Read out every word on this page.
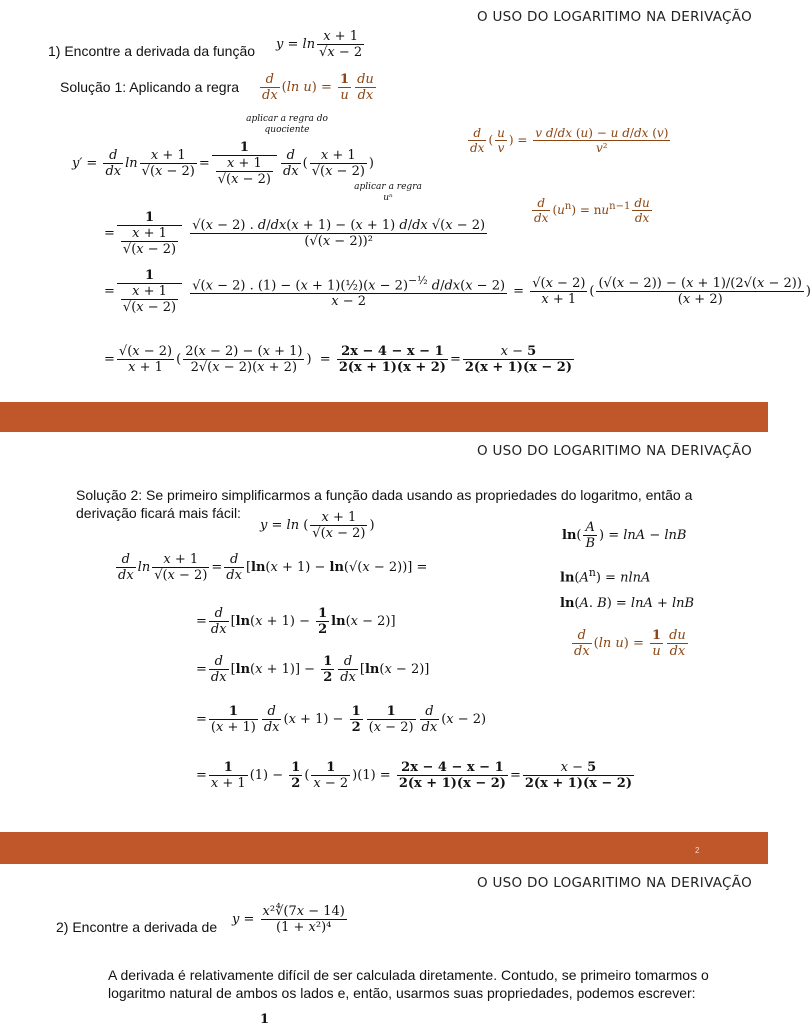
O USO DO LOGARITIMO NA DERIVAÇÃO
1) Encontre a derivada da função $y = \ln \frac{x + 1}{√x - 2}$
Solução 1: Aplicando a regra $\frac{d}{dx} (\ln$ $u) = \frac{1}{u} \frac{du}{dx}$
aplicar a regra do quociente
$y' = \frac{d}{dx}$ $\ln \frac{x + 1}{√(x - 2)} = \frac{1}{\frac{x + 1}{√(x - 2)}} \frac{d}{dx}$ ( $\frac{x + 1}{√(x - 2)}$ )
$\frac{d}{dx}$ ( $\frac{u}{v}$ ) = $\frac{\text{v d/dx (u) − u d/dx (v)}}{\text{v²}}$
aplicar a regra uⁿ	$\frac{d}{dx} (u^n) = nu^{n-1} \frac{du}{dx}$
= $\frac{1}{\frac{x + 1}{√(x - 2)}}$
$\frac{√(x - 2) . d/dx(x + 1) - (x + 1) d/dx √(x - 2)}{\text{(√(x − 2))²}}$
= $\frac{1}{\frac{x + 1}{√(x - 2)}}$
$\frac{√(x - 2) . (1) - (x + 1)(\frac{1}{2})(x - 2)^{-\frac{1}{2}} d/dx(x - 2)}{x - 2} = \frac{√(x - 2)}{x + 1}$ ( $\frac{(√(x - 2)) - (x + 1)/(2√(x - 2))}{(x + 2)}$ )
= $\frac{√(x - 2)}{x + 1}$ ( $\frac{2(x - 2) - (x + 1)}{2√(x - 2)(x + 2)}$ )  = $\frac{2x - 4 - x - 1}{2(x + 1)(x + 2)} = \frac{x - 5}{2(x + 1)(x - 2)}$
O USO DO LOGARITIMO NA DERIVAÇÃO
Solução 2: Se primeiro simplificarmos a função dada usando as propriedades do logaritmo, então a derivação ficará mais fácil:
y = ln ( $\frac{x + 1}{√(x - 2)}$ )
$\ln( \frac{A}{B}$ ) = lnA − lnB
$\ln(A^n) = nlnA$
ln(A. B) = lnA + lnB
$\frac{d}{dx} (\ln$ $u) = \frac{1}{u} \frac{du}{dx}$
$\frac{d}{dx}$ $\ln \frac{x + 1}{√(x - 2)} = \frac{d}{dx} [\ln(x + 1) - \ln(√(x - 2))]$ =
= $\frac{d}{dx} [\ln(x + 1) - \frac{1}{2} \ln(x - 2)]$
= $\frac{d}{dx} [\ln(x + 1)] - \frac{1}{2} \frac{d}{dx} [\ln(x - 2)]$
= $\frac{1}{(x + 1)} \frac{d}{dx} (x + 1) - \frac{1}{2} \frac{1}{(x - 2)} \frac{d}{dx} (x - 2)$
= $\frac{1}{x + 1} (1) - \frac{1}{2}$ ( $\frac{1}{x - 2} )(1) = \frac{2x - 4 - x - 1}{2(x + 1)(x - 2)} = \frac{x - 5}{2(x + 1)(x - 2)}$
2
O USO DO LOGARITIMO NA DERIVAÇÃO
2) Encontre a derivada de $y = \frac{\text{x²∜(7x − 14)}}{\text{(1 + x²)⁴}}$
A derivada é relativamente difícil de ser calculada diretamente. Contudo, se primeiro tomarmos o logaritmo natural de ambos os lados e, então, usarmos suas propriedades, podemos escrever:
1
